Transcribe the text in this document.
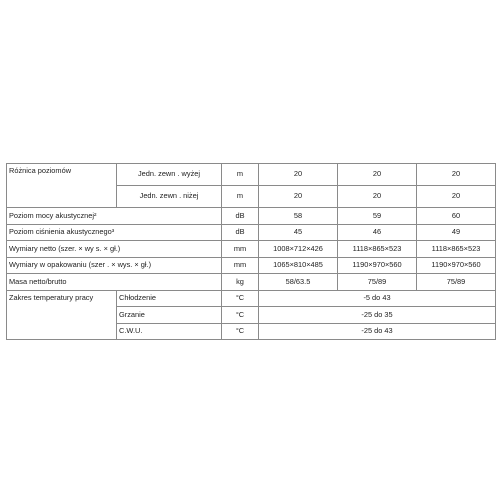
Różnica poziomów	Jedn. zewn . wyżej	m	20	20	20
	Jedn. zewn . niżej	m	20	20	20
Poziom mocy akustycznej²		dB	58	59	60
Poziom ciśnienia akustycznego³		dB	45	46	49
Wymiary netto (szer. × wy s. × gł.)		mm	1008×712×426	1118×865×523	1118×865×523
Wymiary w opakowaniu (szer . × wys. × gł.)		mm	1065×810×485	1190×970×560	1190×970×560
Masa netto/brutto		kg	58/63.5	75/89	75/89
Zakres temperatury pracy	Chłodzenie	°C	-5 do 43		
	Grzanie	°C	-25 do 35		
	C.W.U.	°C	-25 do 43		
